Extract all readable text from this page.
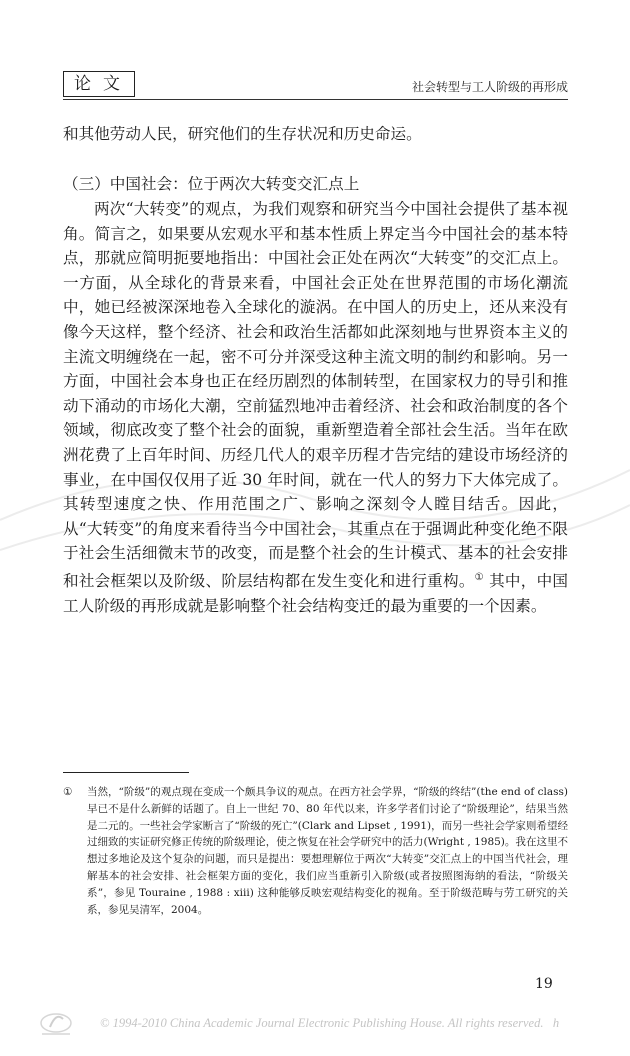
论文	社会转型与工人阶级的再形成
和其他劳动人民，研究他们的生存状况和历史命运。
（三）中国社会：位于两次大转变交汇点上
两次“大转变”的观点，为我们观察和研究当今中国社会提供了基本视角。简言之，如果要从宏观水平和基本性质上界定当今中国社会的基本特点，那就应简明扼要地指出：中国社会正处在两次“大转变”的交汇点上。一方面，从全球化的背景来看，中国社会正处在世界范围的市场化潮流中，她已经被深深地卷入全球化的漩涡。在中国人的历史上，还从来没有像今天这样，整个经济、社会和政治生活都如此深刻地与世界资本主义的主流文明缠绕在一起，密不可分并深受这种主流文明的制约和影响。另一方面，中国社会本身也正在经历剧烈的体制转型，在国家权力的导引和推动下涌动的市场化大潮，空前猛烈地冲击着经济、社会和政治制度的各个领域，彻底改变了整个社会的面貌，重新塑造着全部社会生活。当年在欧洲花费了上百年时间、历经几代人的艰辛历程才告完结的建设市场经济的事业，在中国仅仅用了近 30 年时间，就在一代人的努力下大体完成了。其转型速度之快、作用范围之广、影响之深刻令人瞠目结舌。因此，从“大转变”的角度来看待当今中国社会，其重点在于强调此种变化绝不限于社会生活细微末节的改变，而是整个社会的生计模式、基本的社会安排和社会框架以及阶级、阶层结构都在发生变化和进行重构。① 其中，中国工人阶级的再形成就是影响整个社会结构变迁的最为重要的一个因素。
① 当然，“阶级”的观点现在变成一个颇具争议的观点。在西方社会学界，“阶级的终结”(the end of class) 早已不是什么新鲜的话题了。自上一世纪 70、80 年代以来，许多学者们讨论了“阶级理论”，结果当然是二元的。一些社会学家断言了“阶级的死亡”(Clark and Lipset , 1991)，而另一些社会学家则希望经过细致的实证研究修正传统的阶级理论，使之恢复在社会学研究中的活力(Wright , 1985)。我在这里不想过多地论及这个复杂的问题，而只是提出：要想理解位于两次“大转变”交汇点上的中国当代社会，理解基本的社会安排、社会框架方面的变化，我们应当重新引入阶级(或者按照图海纳的看法，“阶级关系”，参见 Touraine , 1988 : xiii) 这种能够反映宏观结构变化的视角。至于阶级范畴与劳工研究的关系，参见吴清军，2004。
19
© 1994-2010 China Academic Journal Electronic Publishing House. All rights reserved. h
